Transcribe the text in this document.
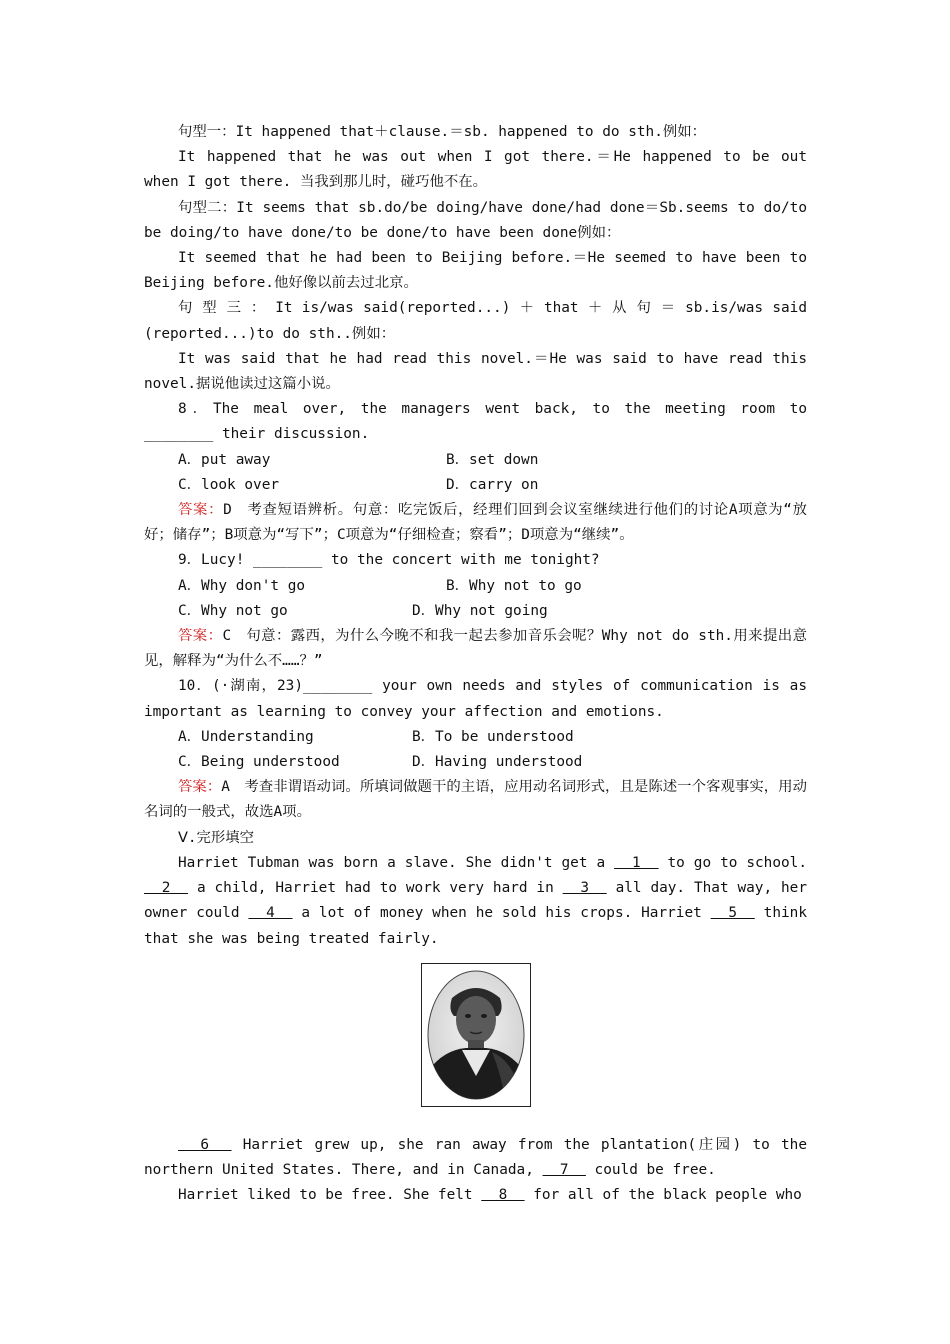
句型一：It happened that＋clause.＝sb. happened to do sth.例如：

It happened that he was out when I got there.＝He happened to be out when I got there. 当我到那儿时，碰巧他不在。

句型二：It seems that sb.do/be doing/have done/had done＝Sb.seems to do/to be doing/to have done/to be done/to have been done例如：

It seemed that he had been to Beijing before.＝He seemed to have been to Beijing before.他好像以前去过北京。

句 型 三 ： It is/was said(reported...) ＋ that ＋ 从 句 ＝ sb.is/was said (reported...)to do sth..例如：

It was said that he had read this novel.＝He was said to have read this novel.据说他读过这篇小说。

8．The meal over, the managers went back, to the meeting room to ________ their discussion.

A．put away	B．set down
C．look over	D．carry on

答案：D　考查短语辨析。句意：吃完饭后，经理们回到会议室继续进行他们的讨论A项意为“放好；储存”；B项意为“写下”；C项意为“仔细检查；察看”；D项意为“继续”。

9．Lucy! ________ to the concert with me tonight?

A．Why don't go	B．Why not to go
C．Why not go	D．Why not going

答案：C　句意：露西，为什么今晚不和我一起去参加音乐会呢？Why not do sth.用来提出意见，解释为“为什么不……？”

10．(·湖南，23)________ your own needs and styles of communication is as important as learning to convey your affection and emotions.

A．Understanding	B．To be understood
C．Being understood	D．Having understood

答案：A　考查非谓语动词。所填词做题干的主语，应用动名词形式，且是陈述一个客观事实，用动名词的一般式，故选A项。

Ⅴ.完形填空

Harriet Tubman was born a slave. She didn't get a   1   to go to school.   2   a child, Harriet had to work very hard in   3   all day. That way, her owner could   4   a lot of money when he sold his crops. Harriet   5   think that she was being treated fairly.

6   Harriet grew up, she ran away from the plantation(庄园) to the northern United States. There, and in Canada,   7   could be free.

Harriet liked to be free. She felt   8   for all of the black people who
